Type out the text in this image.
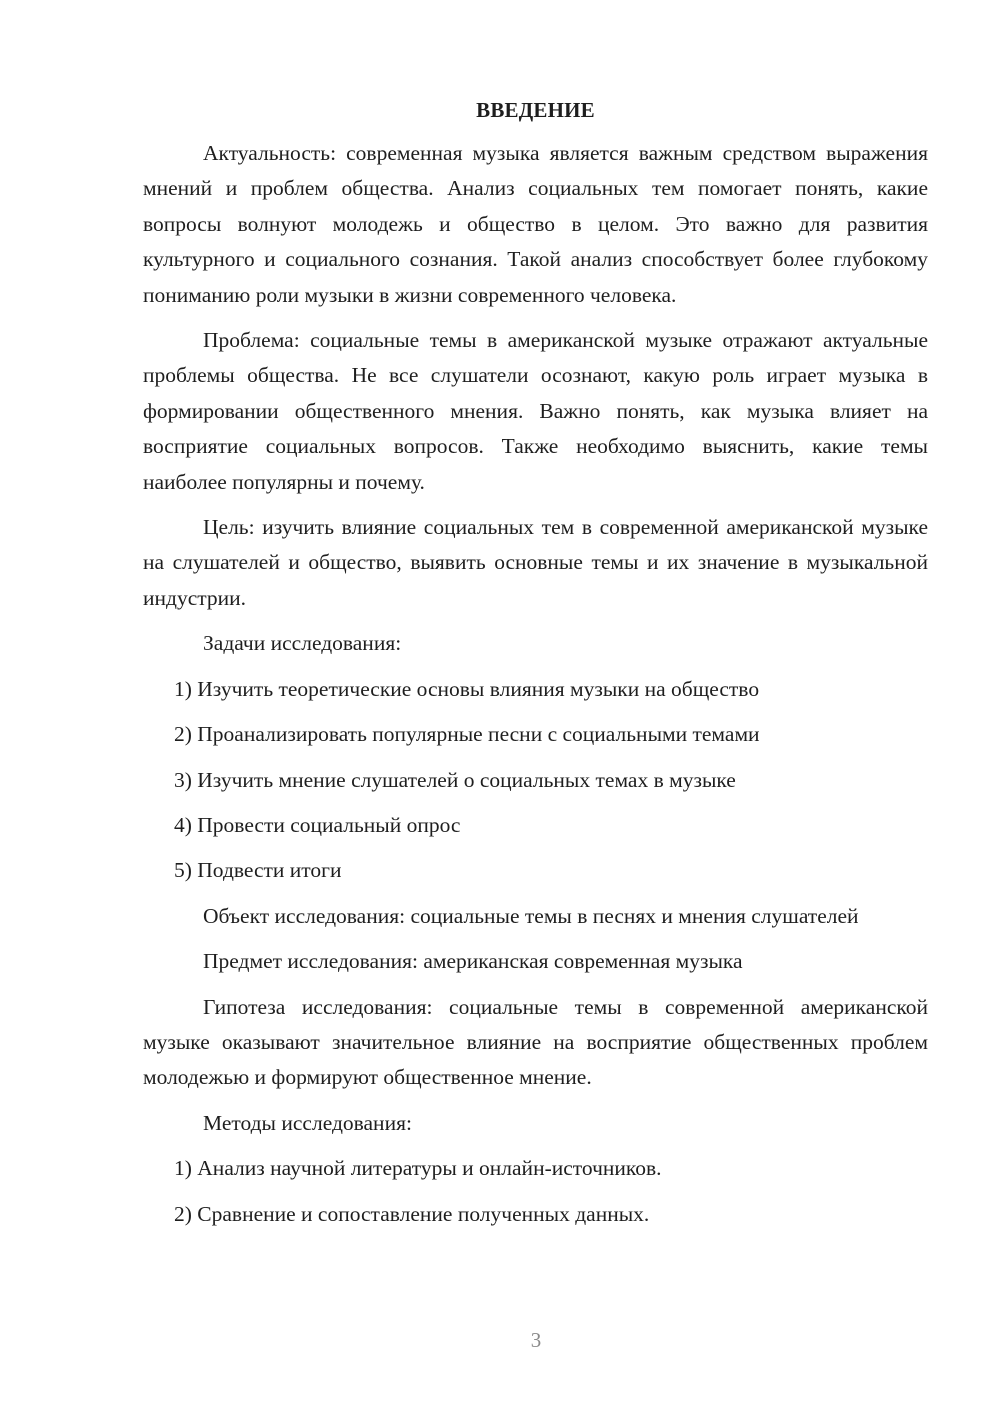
ВВЕДЕНИЕ
Актуальность: современная музыка является важным средством выражения мнений и проблем общества. Анализ социальных тем помогает понять, какие вопросы волнуют молодежь и общество в целом. Это важно для развития культурного и социального сознания. Такой анализ способствует более глубокому пониманию роли музыки в жизни современного человека.
Проблема: социальные темы в американской музыке отражают актуальные проблемы общества. Не все слушатели осознают, какую роль играет музыка в формировании общественного мнения. Важно понять, как музыка влияет на восприятие социальных вопросов. Также необходимо выяснить, какие темы наиболее популярны и почему.
Цель: изучить влияние социальных тем в современной американской музыке на слушателей и общество, выявить основные темы и их значение в музыкальной индустрии.
Задачи исследования:
1) Изучить теоретические основы влияния музыки на общество
2) Проанализировать популярные песни с социальными темами
3) Изучить мнение слушателей о социальных темах в музыке
4) Провести социальный опрос
5) Подвести итоги
Объект исследования: социальные темы в песнях и мнения слушателей
Предмет исследования: американская современная музыка
Гипотеза исследования: социальные темы в современной американской музыке оказывают значительное влияние на восприятие общественных проблем молодежью и формируют общественное мнение.
Методы исследования:
1) Анализ научной литературы и онлайн-источников.
2) Сравнение и сопоставление полученных данных.
3
